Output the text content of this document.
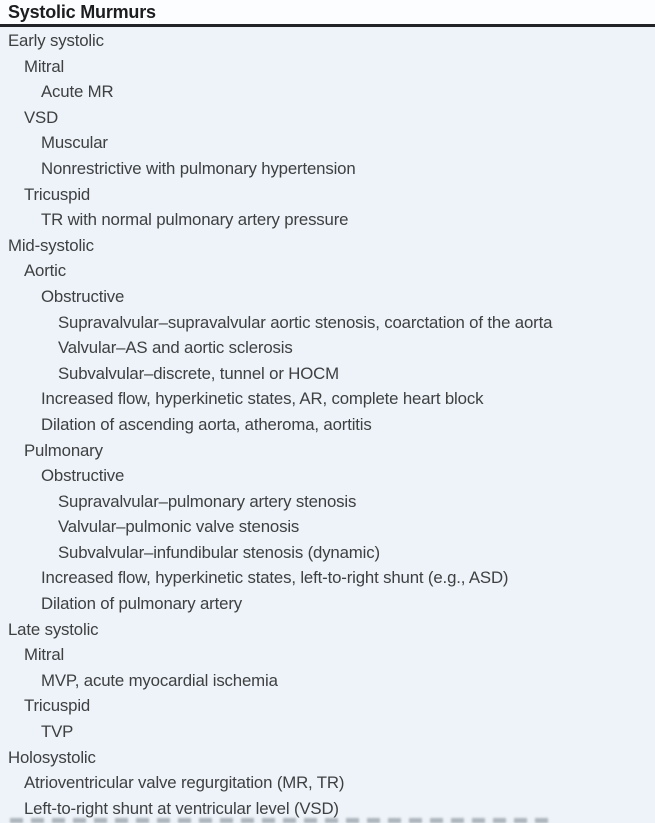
Systolic Murmurs
Early systolic
Mitral
Acute MR
VSD
Muscular
Nonrestrictive with pulmonary hypertension
Tricuspid
TR with normal pulmonary artery pressure
Mid-systolic
Aortic
Obstructive
Supravalvular–supravalvular aortic stenosis, coarctation of the aorta
Valvular–AS and aortic sclerosis
Subvalvular–discrete, tunnel or HOCM
Increased flow, hyperkinetic states, AR, complete heart block
Dilation of ascending aorta, atheroma, aortitis
Pulmonary
Obstructive
Supravalvular–pulmonary artery stenosis
Valvular–pulmonic valve stenosis
Subvalvular–infundibular stenosis (dynamic)
Increased flow, hyperkinetic states, left-to-right shunt (e.g., ASD)
Dilation of pulmonary artery
Late systolic
Mitral
MVP, acute myocardial ischemia
Tricuspid
TVP
Holosystolic
Atrioventricular valve regurgitation (MR, TR)
Left-to-right shunt at ventricular level (VSD)
